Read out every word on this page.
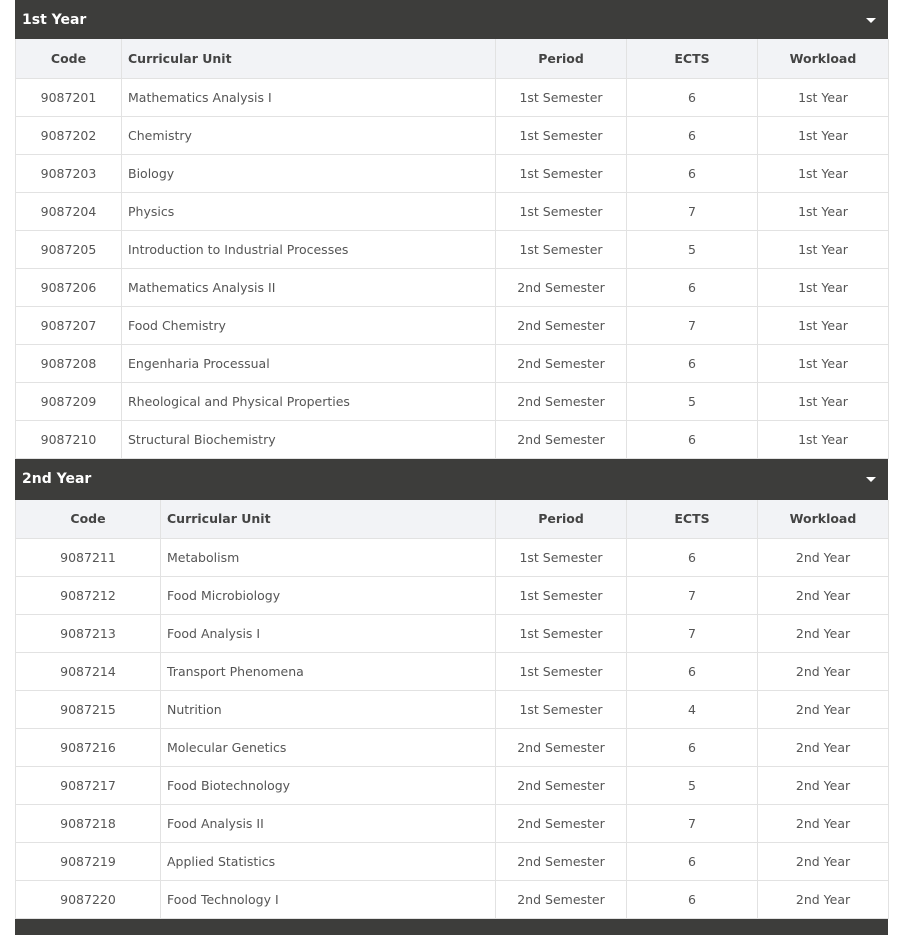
1st Year
Code	Curricular Unit	Period	ECTS	Workload
9087201	Mathematics Analysis I	1st Semester	6	1st Year
9087202	Chemistry	1st Semester	6	1st Year
9087203	Biology	1st Semester	6	1st Year
9087204	Physics	1st Semester	7	1st Year
9087205	Introduction to Industrial Processes	1st Semester	5	1st Year
9087206	Mathematics Analysis II	2nd Semester	6	1st Year
9087207	Food Chemistry	2nd Semester	7	1st Year
9087208	Engenharia Processual	2nd Semester	6	1st Year
9087209	Rheological and Physical Properties	2nd Semester	5	1st Year
9087210	Structural Biochemistry	2nd Semester	6	1st Year
2nd Year
Code	Curricular Unit	Period	ECTS	Workload
9087211	Metabolism	1st Semester	6	2nd Year
9087212	Food Microbiology	1st Semester	7	2nd Year
9087213	Food Analysis I	1st Semester	7	2nd Year
9087214	Transport Phenomena	1st Semester	6	2nd Year
9087215	Nutrition	1st Semester	4	2nd Year
9087216	Molecular Genetics	2nd Semester	6	2nd Year
9087217	Food Biotechnology	2nd Semester	5	2nd Year
9087218	Food Analysis II	2nd Semester	7	2nd Year
9087219	Applied Statistics	2nd Semester	6	2nd Year
9087220	Food Technology I	2nd Semester	6	2nd Year
